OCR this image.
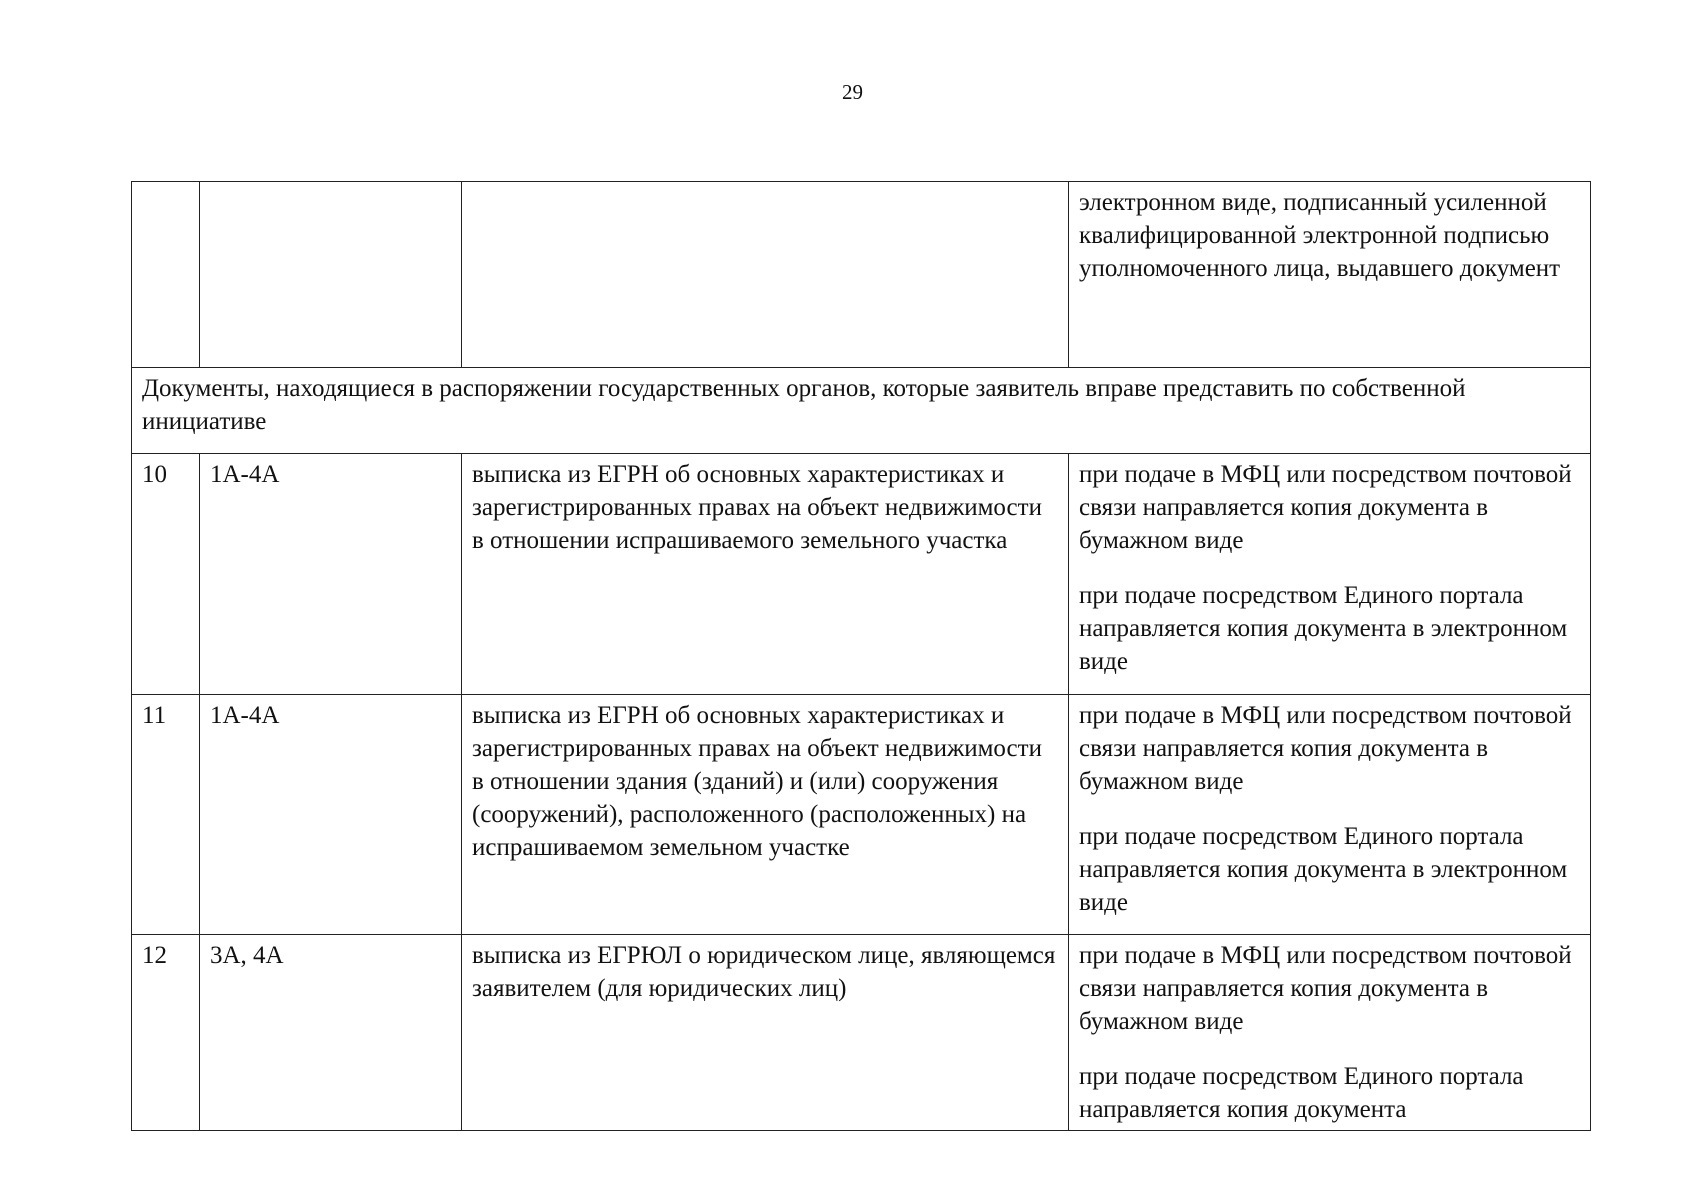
29
			электронном виде, подписанный усиленной квалифицированной электронной подписью уполномоченного лица, выдавшего документ
Документы, находящиеся в распоряжении государственных органов, которые заявитель вправе представить по собственной инициативе			
10	1А-4А	выписка из ЕГРН об основных характеристиках и зарегистрированных правах на объект недвижимости в отношении испрашиваемого земельного участка	при подаче в МФЦ или посредством почтовой связи направляется копия документа в бумажном виде
при подаче посредством Единого портала направляется копия документа в электронном виде

11	1А-4А	выписка из ЕГРН об основных характеристиках и зарегистрированных правах на объект недвижимости в отношении здания (зданий) и (или) сооружения (сооружений), расположенного (расположенных) на испрашиваемом земельном участке	при подаче в МФЦ или посредством почтовой связи направляется копия документа в бумажном виде
при подаче посредством Единого портала направляется копия документа в электронном виде

12	3А, 4А	выписка из ЕГРЮЛ о юридическом лице, являющемся заявителем (для юридических лиц)	при подаче в МФЦ или посредством почтовой связи направляется копия документа в бумажном виде
при подаче посредством Единого портала направляется копия документа
